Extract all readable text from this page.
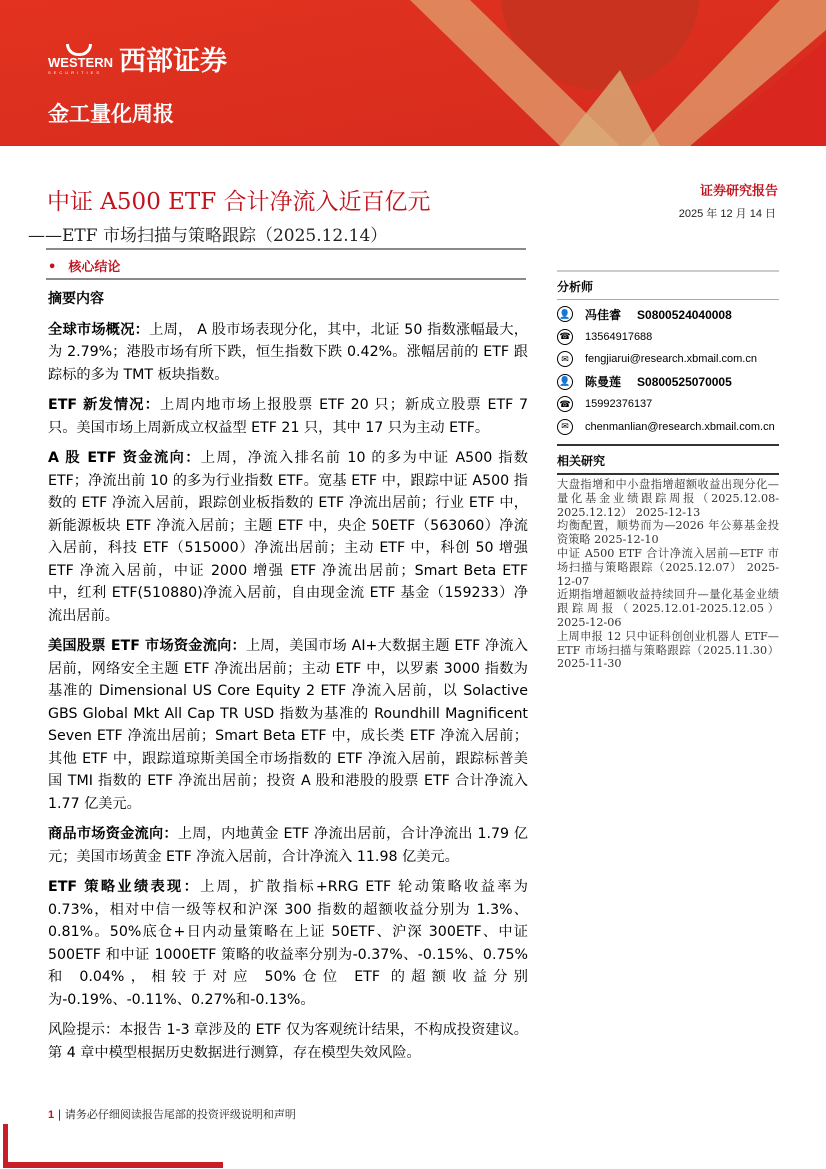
WESTERN
SECURITIES 西部证券
金工量化周报
中证 A500 ETF 合计净流入近百亿元
——ETF 市场扫描与策略跟踪（2025.12.14）
• 核心结论
证券研究报告
2025 年 12 月 14 日
摘要内容

全球市场概况：上周， A 股市场表现分化，其中，北证 50 指数涨幅最大，为 2.79%；港股市场有所下跌，恒生指数下跌 0.42%。涨幅居前的 ETF 跟踪标的多为 TMT 板块指数。

ETF 新发情况：上周内地市场上报股票 ETF 20 只；新成立股票 ETF 7 只。美国市场上周新成立权益型 ETF 21 只，其中 17 只为主动 ETF。

A 股 ETF 资金流向：上周，净流入排名前 10 的多为中证 A500 指数 ETF；净流出前 10 的多为行业指数 ETF。宽基 ETF 中，跟踪中证 A500 指数的 ETF 净流入居前，跟踪创业板指数的 ETF 净流出居前；行业 ETF 中，新能源板块 ETF 净流入居前；主题 ETF 中，央企 50ETF（563060）净流入居前，科技 ETF（515000）净流出居前；主动 ETF 中，科创 50 增强 ETF 净流入居前，中证 2000 增强 ETF 净流出居前；Smart Beta ETF 中，红利 ETF(510880)净流入居前，自由现金流 ETF 基金（159233）净流出居前。

美国股票 ETF 市场资金流向：上周，美国市场 AI+大数据主题 ETF 净流入居前，网络安全主题 ETF 净流出居前；主动 ETF 中，以罗素 3000 指数为基准的 Dimensional US Core Equity 2 ETF 净流入居前，以 Solactive GBS Global Mkt All Cap TR USD 指数为基准的 Roundhill Magnificent Seven ETF 净流出居前；Smart Beta ETF 中，成长类 ETF 净流入居前；其他 ETF 中，跟踪道琼斯美国全市场指数的 ETF 净流入居前，跟踪标普美国 TMI 指数的 ETF 净流出居前；投资 A 股和港股的股票 ETF 合计净流入 1.77 亿美元。

商品市场资金流向：上周，内地黄金 ETF 净流出居前，合计净流出 1.79 亿元；美国市场黄金 ETF 净流入居前，合计净流入 11.98 亿美元。

ETF 策略业绩表现：上周，扩散指标+RRG ETF 轮动策略收益率为 0.73%，相对中信一级等权和沪深 300 指数的超额收益分别为 1.3%、0.81%。50%底仓+日内动量策略在上证 50ETF、沪深 300ETF、中证 500ETF 和中证 1000ETF 策略的收益率分别为-0.37%、-0.15%、0.75%和 0.04%，相较于对应 50%仓位 ETF 的超额收益分别为-0.19%、-0.11%、0.27%和-0.13%。

风险提示：本报告 1-3 章涉及的 ETF 仅为客观统计结果，不构成投资建议。第 4 章中模型根据历史数据进行测算，存在模型失效风险。

分析师
👤 冯佳睿 S0800524040008
☎ 13564917688
✉	fengjiarui@research.xbmail.com.cn
👤 陈曼莲 S0800525070005
☎ 15992376137
✉	chenmanlian@research.xbmail.com.cn
相关研究
大盘指增和中小盘指增超额收益出现分化—量化基金业绩跟踪周报（2025.12.08-2025.12.12） 2025-12-13
均衡配置，顺势而为—2026 年公募基金投资策略 2025-12-10
中证 A500 ETF 合计净流入居前—ETF 市场扫描与策略跟踪（2025.12.07） 2025-12-07
近期指增超额收益持续回升—量化基金业绩跟踪周报（2025.12.01-2025.12.05） 2025-12-06
上周申报 12 只中证科创创业机器人 ETF—ETF 市场扫描与策略跟踪（2025.11.30） 2025-11-30
1 | 请务必仔细阅读报告尾部的投资评级说明和声明
